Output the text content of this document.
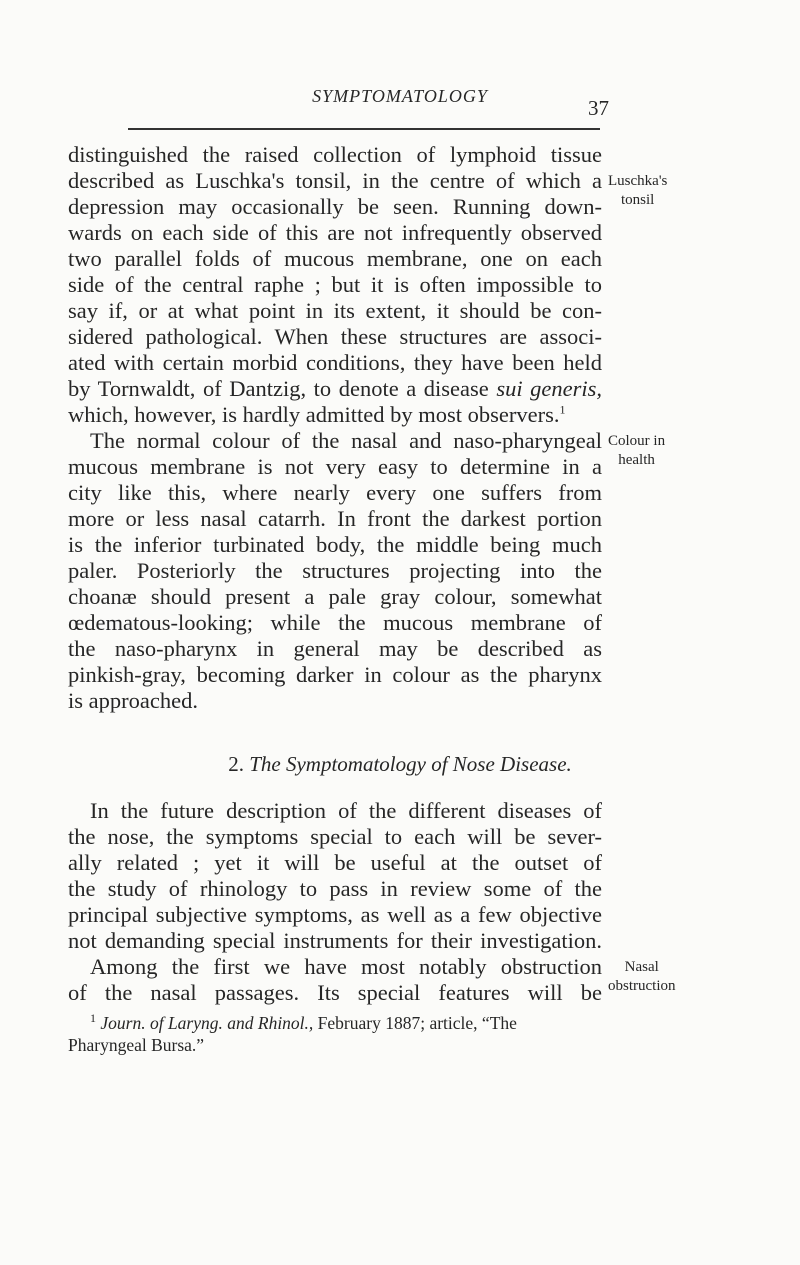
SYMPTOMATOLOGY	37
distinguished the raised collection of lymphoid tissue
described as Luschka's tonsil, in the centre of which a
depression may occasionally be seen. Running down-
wards on each side of this are not infrequently observed
two parallel folds of mucous membrane, one on each
side of the central raphe ; but it is often impossible to
say if, or at what point in its extent, it should be con-
sidered pathological. When these structures are associ-
ated with certain morbid conditions, they have been held
by Tornwaldt, of Dantzig, to denote a disease sui generis,
which, however, is hardly admitted by most observers.$^1$
The normal colour of the nasal and naso-pharyngeal
mucous membrane is not very easy to determine in a
city like this, where nearly every one suffers from
more or less nasal catarrh. In front the darkest portion
is the inferior turbinated body, the middle being much
paler. Posteriorly the structures projecting into the
choanæ should present a pale gray colour, somewhat
œdematous-looking; while the mucous membrane of
the naso-pharynx in general may be described as
pinkish-gray, becoming darker in colour as the pharynx
is approached.
2. The Symptomatology of Nose Disease.
In the future description of the different diseases of
the nose, the symptoms special to each will be sever-
ally related ; yet it will be useful at the outset of
the study of rhinology to pass in review some of the
principal subjective symptoms, as well as a few objective
not demanding special instruments for their investigation.
Among the first we have most notably obstruction
of the nasal passages. Its special features will be
Luschka's
tonsil
Colour in
health
Nasal
obstruction
$^1$ Journ. of Laryng. and Rhinol., February 1887; article, “The
Pharyngeal Bursa.”
